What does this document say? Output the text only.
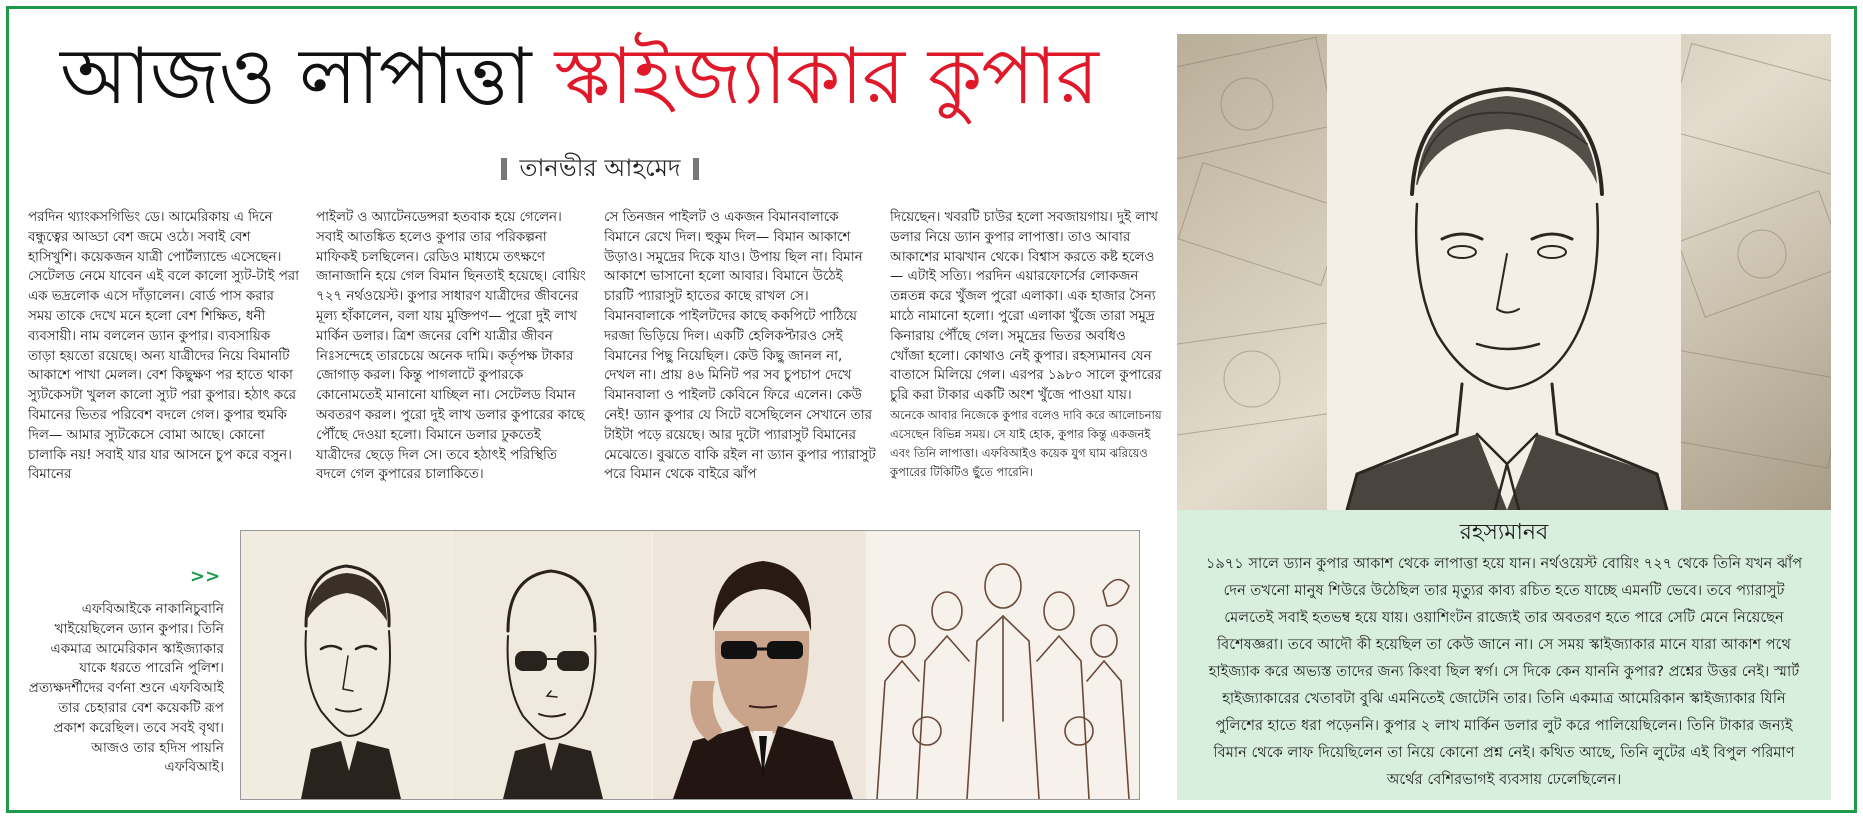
আজও লাপাত্তা স্কাইজ্যাকার কুপার
তানভীর আহমেদ

পরদিন থ্যাংকসগিভিং ডে। আমেরিকায় এ দিনে বন্ধুত্বের আড্ডা বেশ জমে ওঠে। সবাই বেশ হাসিখুশি। কয়েকজন যাত্রী পোর্টল্যান্ডে এসেছেন। সেটেলড নেমে যাবেন এই বলে কালো স্যুট-টাই পরা এক ভদ্রলোক এসে দাঁড়ালেন। বোর্ড পাস করার সময় তাকে দেখে মনে হলো বেশ শিক্ষিত, ধনী ব্যবসায়ী। নাম বললেন ড্যান কুপার। ব্যবসায়িক তাড়া হয়তো রয়েছে। অন্য যাত্রীদের নিয়ে বিমানটি আকাশে পাখা মেলল। বেশ কিছুক্ষণ পর হাতে থাকা স্যুটকেসটা খুলল কালো স্যুট পরা কুপার। হঠাৎ করে বিমানের ভিতর পরিবেশ বদলে গেল। কুপার হুমকি দিল— আমার স্যুটকেসে বোমা আছে। কোনো চালাকি নয়! সবাই যার যার আসনে চুপ করে বসুন। বিমানের

পাইলট ও অ্যাটেনডেন্সরা হতবাক হয়ে গেলেন। সবাই আতঙ্কিত হলেও কুপার তার পরিকল্পনা মাফিকই চলছিলেন। রেডিও মাধ্যমে তৎক্ষণে জানাজানি হয়ে গেল বিমান ছিনতাই হয়েছে। বোয়িং ৭২৭ নর্থওয়েস্ট। কুপার সাধারণ যাত্রীদের জীবনের মূল্য হাঁকালেন, বলা যায় মুক্তিপণ— পুরো দুই লাখ মার্কিন ডলার। ত্রিশ জনের বেশি যাত্রীর জীবন নিঃসন্দেহে তারচেয়ে অনেক দামি। কর্তৃপক্ষ টাকার জোগাড় করল। কিন্তু পাগলাটে কুপারকে কোনোমতেই মানানো যাচ্ছিল না। সেটেলড বিমান অবতরণ করল। পুরো দুই লাখ ডলার কুপারের কাছে পৌঁছে দেওয়া হলো। বিমানে ডলার ঢুকতেই যাত্রীদের ছেড়ে দিল সে। তবে হঠাৎই পরিস্থিতি বদলে গেল কুপারের চালাকিতে।

সে তিনজন পাইলট ও একজন বিমানবালাকে বিমানে রেখে দিল। হুকুম দিল— বিমান আকাশে উড়াও। সমুদ্রের দিকে যাও। উপায় ছিল না। বিমান আকাশে ভাসানো হলো আবার। বিমানে উঠেই চারটি প্যারাসুট হাতের কাছে রাখল সে। বিমানবালাকে পাইলটদের কাছে ককপিটে পাঠিয়ে দরজা ভিড়িয়ে দিল। একটি হেলিকপ্টারও সেই বিমানের পিছু নিয়েছিল। কেউ কিছু জানল না, দেখল না। প্রায় ৪৬ মিনিট পর সব চুপচাপ দেখে বিমানবালা ও পাইলট কেবিনে ফিরে এলেন। কেউ নেই! ড্যান কুপার যে সিটে বসেছিলেন সেখানে তার টাইটা পড়ে রয়েছে। আর দুটো প্যারাসুট বিমানের মেঝেতে। বুঝতে বাকি রইল না ড্যান কুপার প্যারাসুট পরে বিমান থেকে বাইরে ঝাঁপ

দিয়েছেন। খবরটি চাউর হলো সবজায়গায়। দুই লাখ ডলার নিয়ে ড্যান কুপার লাপাত্তা। তাও আবার আকাশের মাঝখান থেকে। বিশ্বাস করতে কষ্ট হলেও— এটাই সত্যি। পরদিন এয়ারফোর্সের লোকজন তন্নতন্ন করে খুঁজল পুরো এলাকা। এক হাজার সৈন্য মাঠে নামানো হলো। পুরো এলাকা খুঁজে তারা সমুদ্র কিনারায় পৌঁছে গেল। সমুদ্রের ভিতর অবধিও খোঁজা হলো। কোথাও নেই কুপার। রহস্যমানব যেন বাতাসে মিলিয়ে গেল। এরপর ১৯৮০ সালে কুপারের চুরি করা টাকার একটি অংশ খুঁজে পাওয়া যায়।

অনেকে আবার নিজেকে কুপার বলেও দাবি করে আলোচনায় এসেছেন বিভিন্ন সময়। সে যাই হোক, কুপার কিন্তু একজনই এবং তিনি লাপাত্তা। এফবিআইও কয়েক যুগ ঘাম ঝরিয়েও কুপারের টিকিটিও ছুঁতে পারেনি।

রহস্যমানব
১৯৭১ সালে ড্যান কুপার আকাশ থেকে লাপাত্তা হয়ে যান। নর্থওয়েস্ট বোয়িং ৭২৭ থেকে তিনি যখন ঝাঁপ দেন তখনো মানুষ শিউরে উঠেছিল তার মৃত্যুর কাব্য রচিত হতে যাচ্ছে এমনটি ভেবে। তবে প্যারাসুট মেলতেই সবাই হতভম্ব হয়ে যায়। ওয়াশিংটন রাজ্যেই তার অবতরণ হতে পারে সেটি মেনে নিয়েছেন বিশেষজ্ঞরা। তবে আদৌ কী হয়েছিল তা কেউ জানে না। সে সময় স্কাইজ্যাকার মানে যারা আকাশ পথে হাইজ্যাক করে অভ্যস্ত তাদের জন্য কিংবা ছিল স্বর্গ। সে দিকে কেন যাননি কুপার? প্রশ্নের উত্তর নেই। স্মার্ট হাইজ্যাকারের খেতাবটা বুঝি এমনিতেই জোটেনি তার। তিনি একমাত্র আমেরিকান স্কাইজ্যাকার যিনি পুলিশের হাতে ধরা পড়েননি। কুপার ২ লাখ মার্কিন ডলার লুট করে পালিয়েছিলেন। তিনি টাকার জন্যই বিমান থেকে লাফ দিয়েছিলেন তা নিয়ে কোনো প্রশ্ন নেই। কথিত আছে, তিনি লুটের এই বিপুল পরিমাণ অর্থের বেশিরভাগই ব্যবসায় ঢেলেছিলেন।
>>
এফবিআইকে নাকানিচুবানি খাইয়েছিলেন ড্যান কুপার। তিনি একমাত্র আমেরিকান স্কাইজ্যাকার যাকে ধরতে পারেনি পুলিশ। প্রত্যক্ষদর্শীদের বর্ণনা শুনে এফবিআই তার চেহারার বেশ কয়েকটি রূপ প্রকাশ করেছিল। তবে সবই বৃথা। আজও তার হদিস পায়নি এফবিআই।
